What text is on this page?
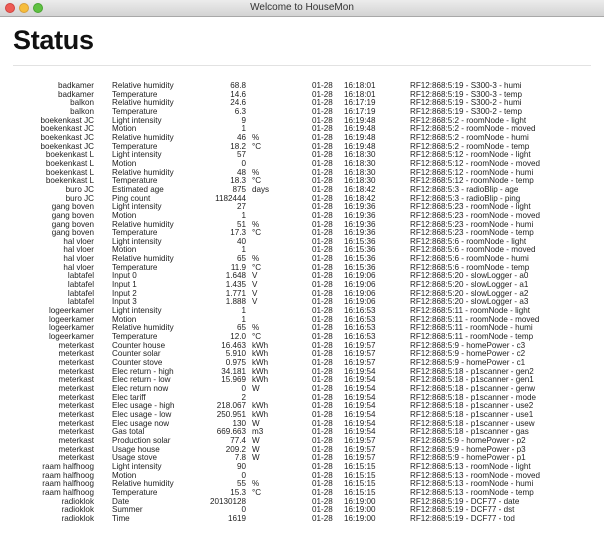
Welcome to HouseMon
Status
badkamer	Relative humidity	68.8		01-28	16:18:01	RF12:868:5:19 - S300-3 - humi
badkamer	Temperature	14.6		01-28	16:18:01	RF12:868:5:19 - S300-3 - temp
balkon	Relative humidity	24.6		01-28	16:17:19	RF12:868:5:19 - S300-2 - humi
balkon	Temperature	6.3		01-28	16:17:19	RF12:868:5:19 - S300-2 - temp
boekenkast JC	Light intensity	9		01-28	16:19:48	RF12:868:5:2 - roomNode - light
boekenkast JC	Motion	1		01-28	16:19:48	RF12:868:5:2 - roomNode - moved
boekenkast JC	Relative humidity	46	%	01-28	16:19:48	RF12:868:5:2 - roomNode - humi
boekenkast JC	Temperature	18.2	°C	01-28	16:19:48	RF12:868:5:2 - roomNode - temp
boekenkast L	Light intensity	57		01-28	16:18:30	RF12:868:5:12 - roomNode - light
boekenkast L	Motion	0		01-28	16:18:30	RF12:868:5:12 - roomNode - moved
boekenkast L	Relative humidity	48	%	01-28	16:18:30	RF12:868:5:12 - roomNode - humi
boekenkast L	Temperature	18.3	°C	01-28	16:18:30	RF12:868:5:12 - roomNode - temp
buro JC	Estimated age	875	days	01-28	16:18:42	RF12:868:5:3 - radioBlip - age
buro JC	Ping count	1182444		01-28	16:18:42	RF12:868:5:3 - radioBlip - ping
gang boven	Light intensity	27		01-28	16:19:36	RF12:868:5:23 - roomNode - light
gang boven	Motion	1		01-28	16:19:36	RF12:868:5:23 - roomNode - moved
gang boven	Relative humidity	51	%	01-28	16:19:36	RF12:868:5:23 - roomNode - humi
gang boven	Temperature	17.3	°C	01-28	16:19:36	RF12:868:5:23 - roomNode - temp
hal vloer	Light intensity	40		01-28	16:15:36	RF12:868:5:6 - roomNode - light
hal vloer	Motion	1		01-28	16:15:36	RF12:868:5:6 - roomNode - moved
hal vloer	Relative humidity	65	%	01-28	16:15:36	RF12:868:5:6 - roomNode - humi
hal vloer	Temperature	11.9	°C	01-28	16:15:36	RF12:868:5:6 - roomNode - temp
labtafel	Input 0	1.648	V	01-28	16:19:06	RF12:868:5:20 - slowLogger - a0
labtafel	Input 1	1.435	V	01-28	16:19:06	RF12:868:5:20 - slowLogger - a1
labtafel	Input 2	1.771	V	01-28	16:19:06	RF12:868:5:20 - slowLogger - a2
labtafel	Input 3	1.888	V	01-28	16:19:06	RF12:868:5:20 - slowLogger - a3
logeerkamer	Light intensity	1		01-28	16:16:53	RF12:868:5:11 - roomNode - light
logeerkamer	Motion	1		01-28	16:16:53	RF12:868:5:11 - roomNode - moved
logeerkamer	Relative humidity	65	%	01-28	16:16:53	RF12:868:5:11 - roomNode - humi
logeerkamer	Temperature	12.0	°C	01-28	16:16:53	RF12:868:5:11 - roomNode - temp
meterkast	Counter house	16.463	kWh	01-28	16:19:57	RF12:868:5:9 - homePower - c3
meterkast	Counter solar	5.910	kWh	01-28	16:19:57	RF12:868:5:9 - homePower - c2
meterkast	Counter stove	0.975	kWh	01-28	16:19:57	RF12:868:5:9 - homePower - c1
meterkast	Elec return - high	34.181	kWh	01-28	16:19:54	RF12:868:5:18 - p1scanner - gen2
meterkast	Elec return - low	15.969	kWh	01-28	16:19:54	RF12:868:5:18 - p1scanner - gen1
meterkast	Elec return now	0	W	01-28	16:19:54	RF12:868:5:18 - p1scanner - genw
meterkast	Elec tariff	2		01-28	16:19:54	RF12:868:5:18 - p1scanner - mode
meterkast	Elec usage - high	218.067	kWh	01-28	16:19:54	RF12:868:5:18 - p1scanner - use2
meterkast	Elec usage - low	250.951	kWh	01-28	16:19:54	RF12:868:5:18 - p1scanner - use1
meterkast	Elec usage now	130	W	01-28	16:19:54	RF12:868:5:18 - p1scanner - usew
meterkast	Gas total	669.663	m3	01-28	16:19:54	RF12:868:5:18 - p1scanner - gas
meterkast	Production solar	77.4	W	01-28	16:19:57	RF12:868:5:9 - homePower - p2
meterkast	Usage house	209.2	W	01-28	16:19:57	RF12:868:5:9 - homePower - p3
meterkast	Usage stove	7.8	W	01-28	16:19:57	RF12:868:5:9 - homePower - p1
raam halfhoog	Light intensity	90		01-28	16:15:15	RF12:868:5:13 - roomNode - light
raam halfhoog	Motion	0		01-28	16:15:15	RF12:868:5:13 - roomNode - moved
raam halfhoog	Relative humidity	55	%	01-28	16:15:15	RF12:868:5:13 - roomNode - humi
raam halfhoog	Temperature	15.3	°C	01-28	16:15:15	RF12:868:5:13 - roomNode - temp
radioklok	Date	20130128		01-28	16:19:00	RF12:868:5:19 - DCF77 - date
radioklok	Summer	0		01-28	16:19:00	RF12:868:5:19 - DCF77 - dst
radioklok	Time	1619		01-28	16:19:00	RF12:868:5:19 - DCF77 - tod
